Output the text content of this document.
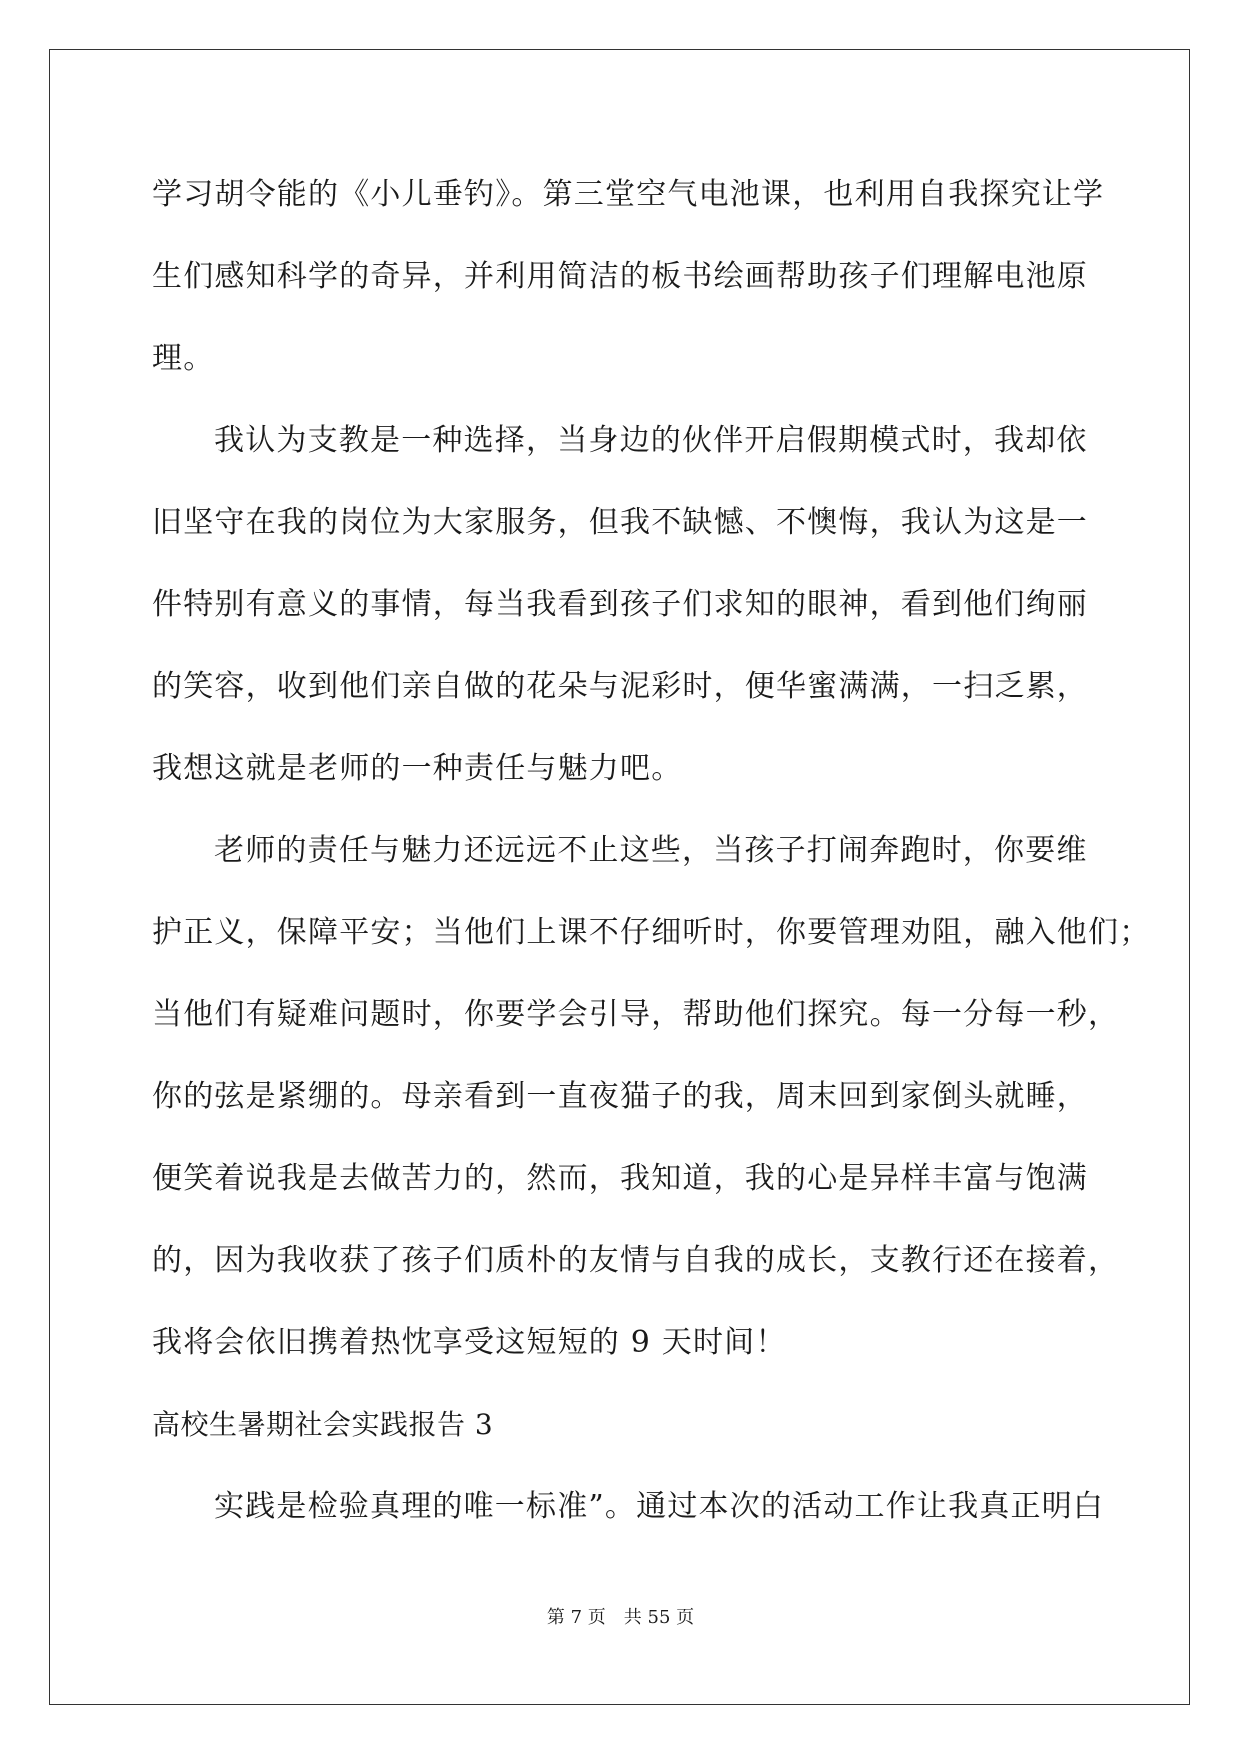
学习胡令能的《小儿垂钓》。第三堂空气电池课，也利用自我探究让学

生们感知科学的奇异，并利用简洁的板书绘画帮助孩子们理解电池原

理。

我认为支教是一种选择，当身边的伙伴开启假期模式时，我却依

旧坚守在我的岗位为大家服务，但我不缺憾、不懊悔，我认为这是一

件特别有意义的事情，每当我看到孩子们求知的眼神，看到他们绚丽

的笑容，收到他们亲自做的花朵与泥彩时，便华蜜满满，一扫乏累，

我想这就是老师的一种责任与魅力吧。

老师的责任与魅力还远远不止这些，当孩子打闹奔跑时，你要维

护正义，保障平安；当他们上课不仔细听时，你要管理劝阻，融入他们；

当他们有疑难问题时，你要学会引导，帮助他们探究。每一分每一秒，

你的弦是紧绷的。母亲看到一直夜猫子的我，周末回到家倒头就睡，

便笑着说我是去做苦力的，然而，我知道，我的心是异样丰富与饱满

的，因为我收获了孩子们质朴的友情与自我的成长，支教行还在接着，

我将会依旧携着热忱享受这短短的 9 天时间！

高校生暑期社会实践报告 3

实践是检验真理的唯一标准”。通过本次的活动工作让我真正明白

第 7 页　共 55 页
